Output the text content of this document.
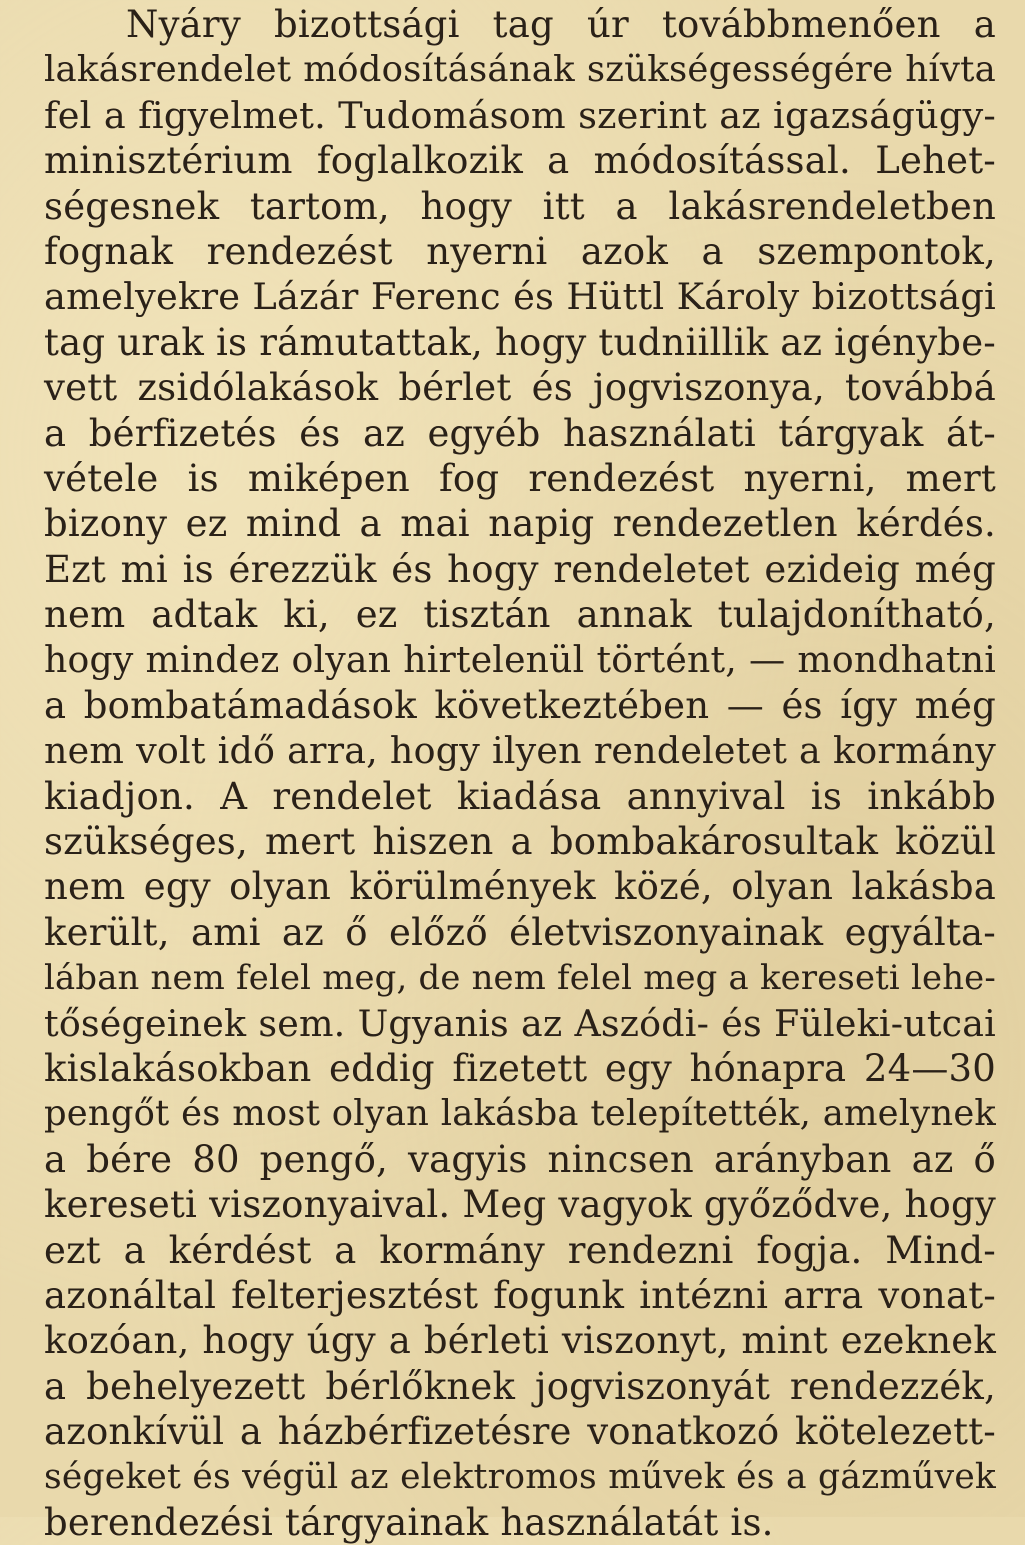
Nyáry bizottsági tag úr továbbmenően a
lakásrendelet módosításának szükségességére hívta
fel a figyelmet. Tudomásom szerint az igazságügy-
minisztérium foglalkozik a módosítással. Lehet-
ségesnek tartom, hogy itt a lakásrendeletben
fognak rendezést nyerni azok a szempontok,
amelyekre Lázár Ferenc és Hüttl Károly bizottsági
tag urak is rámutattak, hogy tudniillik az igénybe-
vett zsidólakások bérlet és jogviszonya, továbbá
a bérfizetés és az egyéb használati tárgyak át-
vétele is miképen fog rendezést nyerni, mert
bizony ez mind a mai napig rendezetlen kérdés.
Ezt mi is érezzük és hogy rendeletet ezideig még
nem adtak ki, ez tisztán annak tulajdonítható,
hogy mindez olyan hirtelenül történt, — mondhatni
a bombatámadások következtében — és így még
nem volt idő arra, hogy ilyen rendeletet a kormány
kiadjon. A rendelet kiadása annyival is inkább
szükséges, mert hiszen a bombakárosultak közül
nem egy olyan körülmények közé, olyan lakásba
került, ami az ő előző életviszonyainak egyálta-
lában nem felel meg, de nem felel meg a kereseti lehe-
tőségeinek sem. Ugyanis az Aszódi- és Füleki-utcai
kislakásokban eddig fizetett egy hónapra 24—30
pengőt és most olyan lakásba telepítették, amelynek
a bére 80 pengő, vagyis nincsen arányban az ő
kereseti viszonyaival. Meg vagyok győződve, hogy
ezt a kérdést a kormány rendezni fogja. Mind-
azonáltal felterjesztést fogunk intézni arra vonat-
kozóan, hogy úgy a bérleti viszonyt, mint ezeknek
a behelyezett bérlőknek jogviszonyát rendezzék,
azonkívül a házbérfizetésre vonatkozó kötelezett-
ségeket és végül az elektromos művek és a gázművek
berendezési tárgyainak használatát is.
